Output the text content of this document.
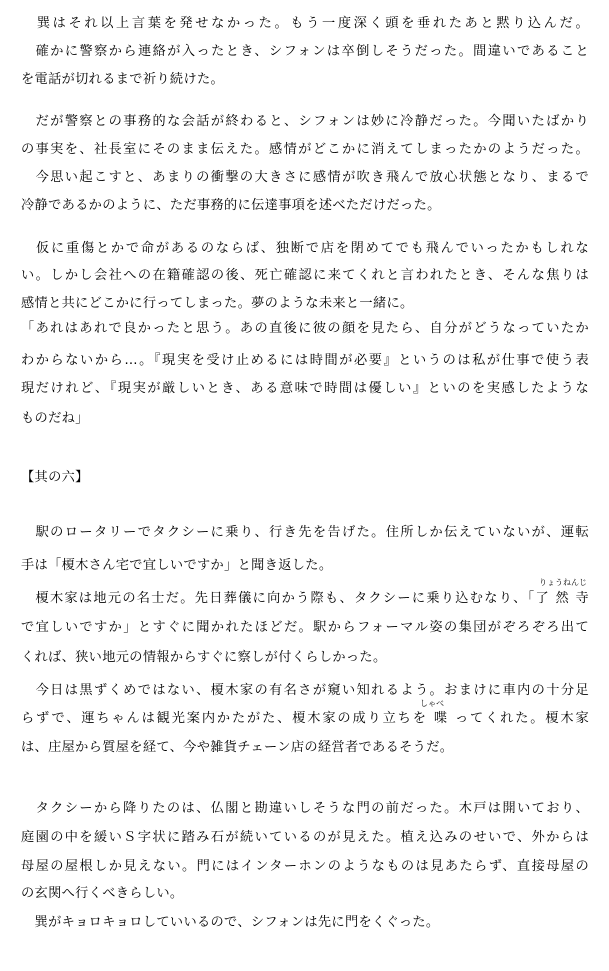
　巽はそれ以上言葉を発せなかった。もう一度深く頭を垂れたあと黙り込んだ。
　確かに警察から連絡が入ったとき、シフォンは卒倒しそうだった。間違いであること
を電話が切れるまで祈り続けた。
　だが警察との事務的な会話が終わると、シフォンは妙に冷静だった。今聞いたばかり
の事実を、社長室にそのまま伝えた。感情がどこかに消えてしまったかのようだった。
　今思い起こすと、あまりの衝撃の大きさに感情が吹き飛んで放心状態となり、まるで
冷静であるかのように、ただ事務的に伝達事項を述べただけだった。
　仮に重傷とかで命があるのならば、独断で店を閉めてでも飛んでいったかもしれな
い。しかし会社への在籍確認の後、死亡確認に来てくれと言われたとき、そんな焦りは
感情と共にどこかに行ってしまった。夢のような未来と一緒に。
「あれはあれで良かったと思う。あの直後に彼の顔を見たら、自分がどうなっていたか
わからないから…。『現実を受け止めるには時間が必要』というのは私が仕事で使う表
現だけれど、『現実が厳しいとき、ある意味で時間は優しい』といのを実感したような
ものだね」
【其の六】
　駅のロータリーでタクシーに乗り、行き先を告げた。住所しか伝えていないが、運転
手は「榎木さん宅で宜しいですか」と聞き返した。
りょうねんじ
　榎木家は地元の名士だ。先日葬儀に向かう際も、タクシーに乗り込むなり、「了 然 寺
で宜しいですか」とすぐに聞かれたほどだ。駅からフォーマル姿の集団がぞろぞろ出て
くれば、狭い地元の情報からすぐに察しが付くらしかった。
　今日は黒ずくめではない、榎木家の有名さが窺い知れるよう。おまけに車内の十分足
しゃべ
らずで、運ちゃんは観光案内かたがた、榎木家の成り立ちを 喋 ってくれた。榎木家
は、庄屋から質屋を経て、今や雑貨チェーン店の経営者であるそうだ。
　タクシーから降りたのは、仏閣と勘違いしそうな門の前だった。木戸は開いており、
庭園の中を緩いＳ字状に踏み石が続いているのが見えた。植え込みのせいで、外からは
母屋の屋根しか見えない。門にはインターホンのようなものは見あたらず、直接母屋の
の玄関へ行くべきらしい。
　巽がキョロキョロしていいるので、シフォンは先に門をくぐった。
